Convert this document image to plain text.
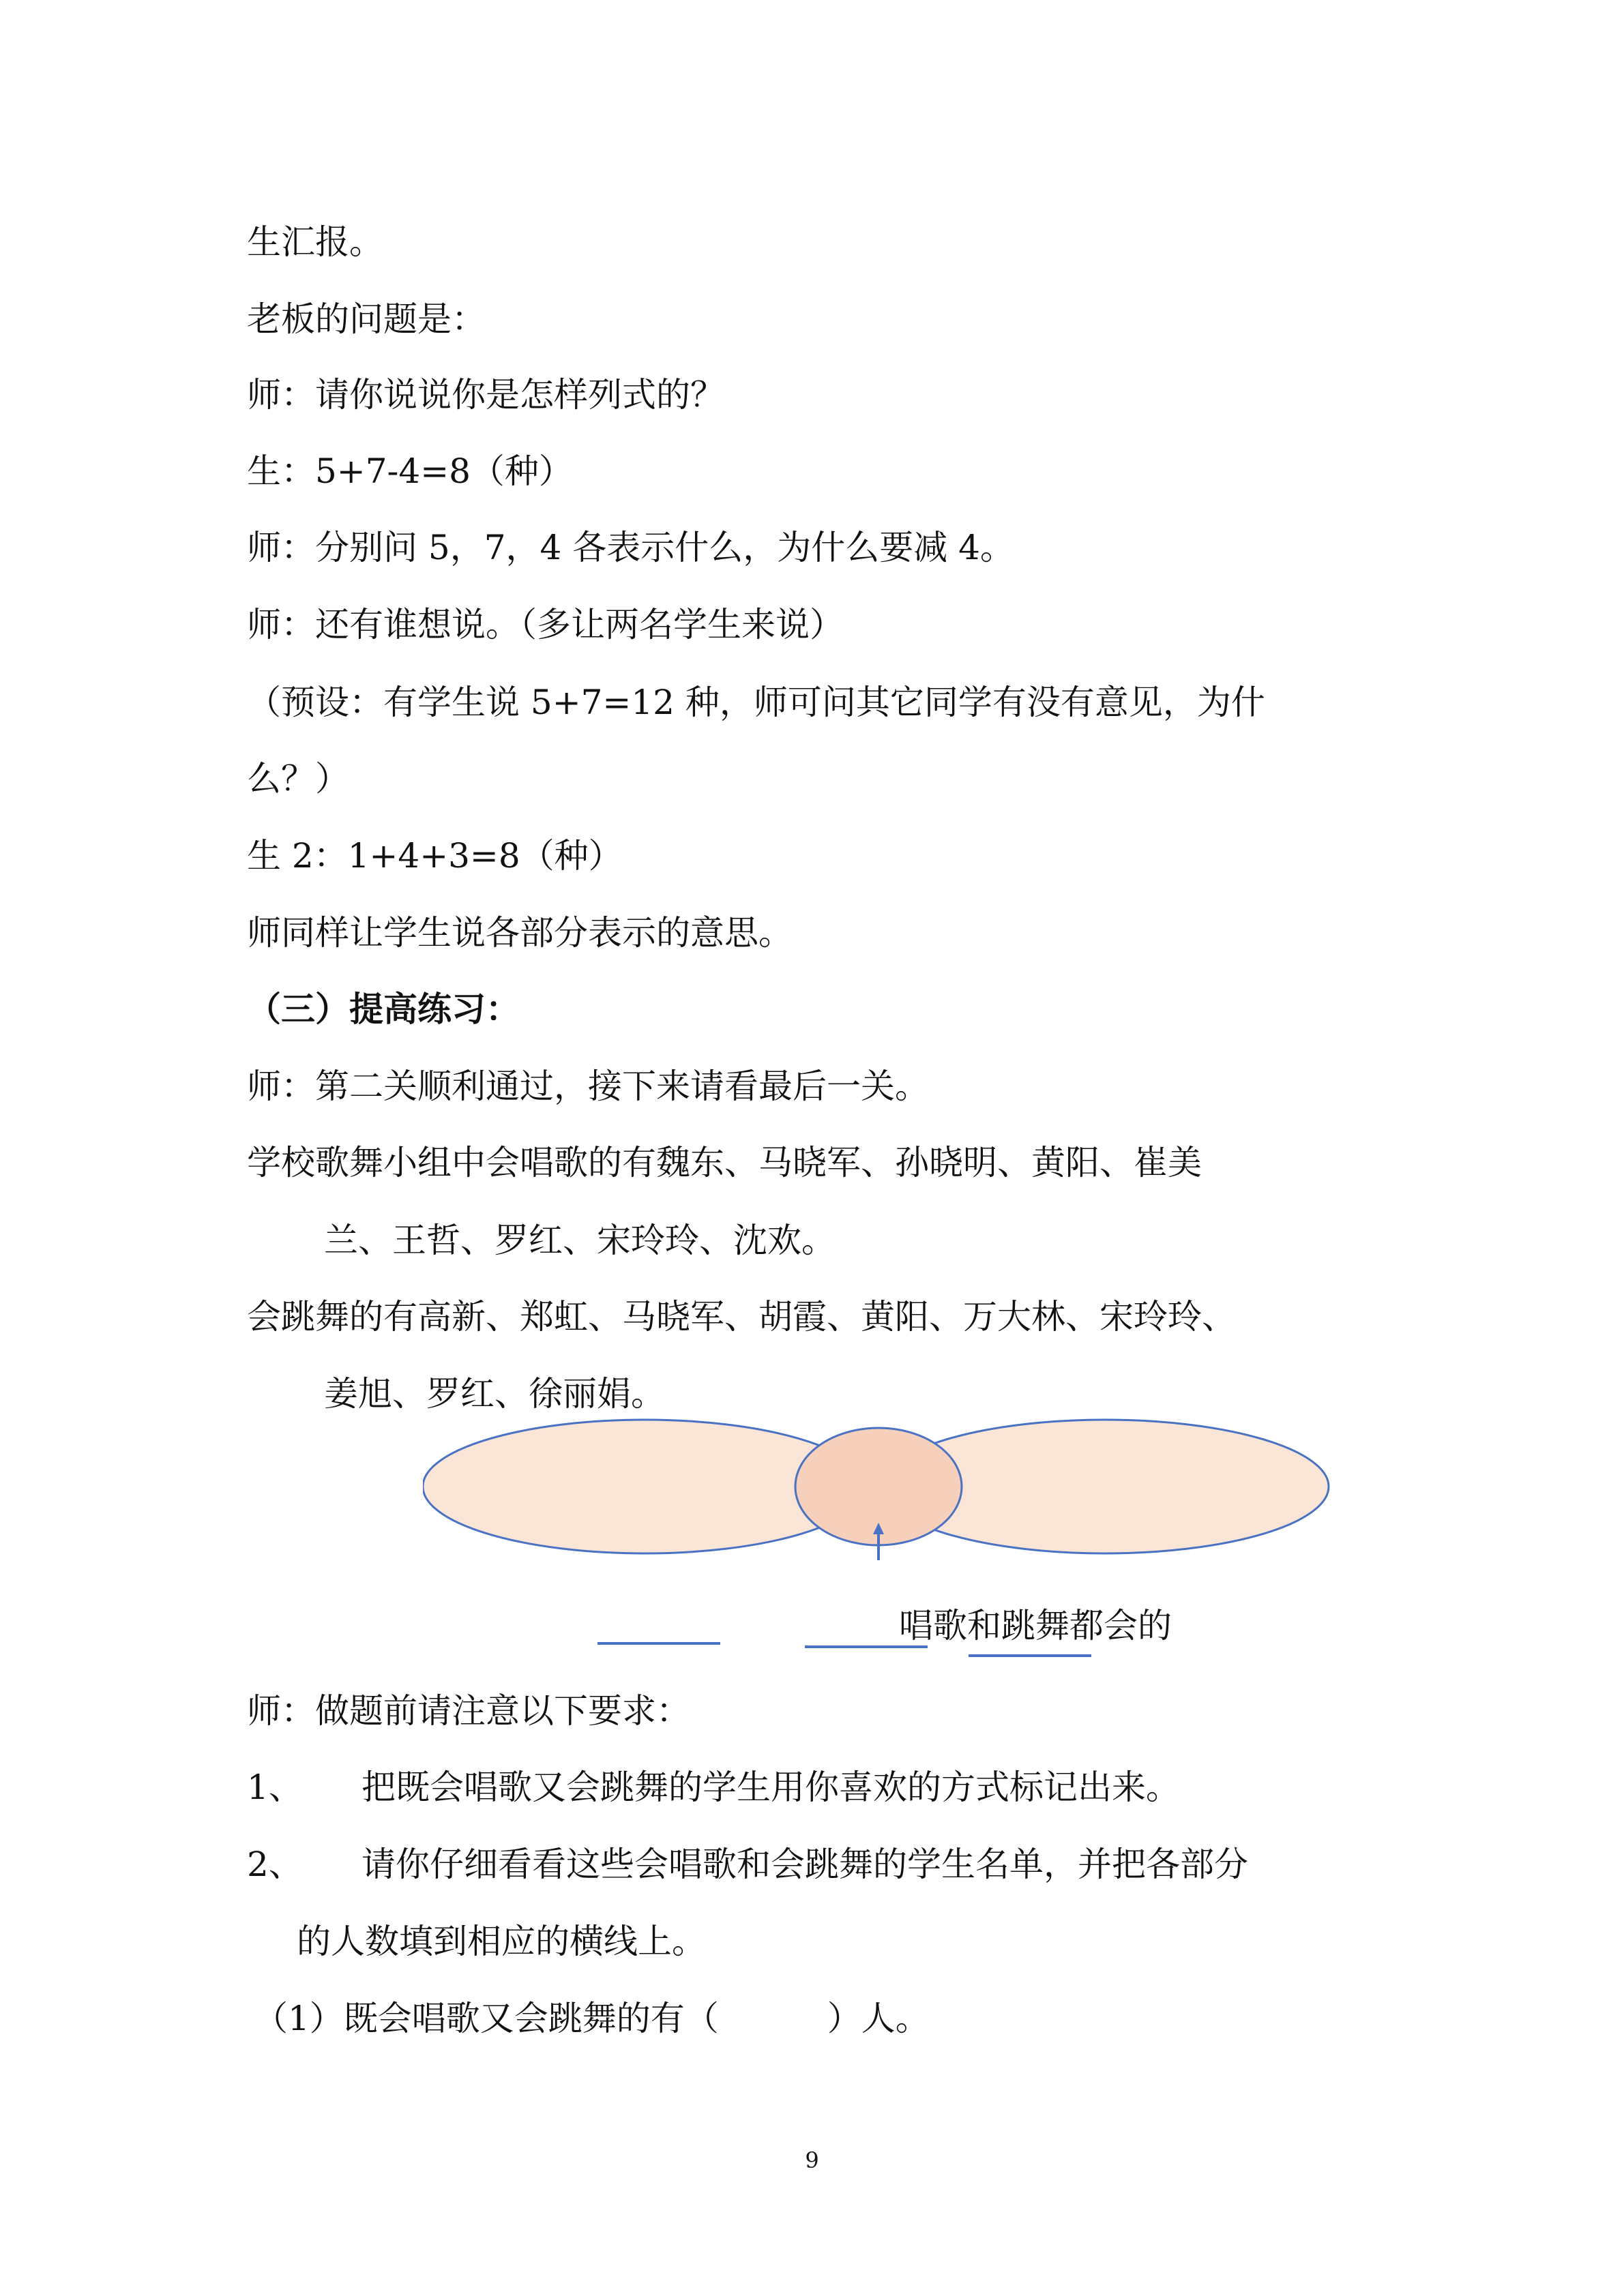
生汇报。
老板的问题是：
师：请你说说你是怎样列式的？
生：5+7-4=8（种）
师：分别问 5，7，4 各表示什么，为什么要减 4。
师：还有谁想说。（多让两名学生来说）
（预设：有学生说 5+7=12 种，师可问其它同学有没有意见，为什
么？）
生 2：1+4+3=8（种）
师同样让学生说各部分表示的意思。
（三）提高练习：
师：第二关顺利通过，接下来请看最后一关。
学校歌舞小组中会唱歌的有魏东、马晓军、孙晓明、黄阳、崔美
兰、王哲、罗红、宋玲玲、沈欢。
会跳舞的有高新、郑虹、马晓军、胡霞、黄阳、万大林、宋玲玲、
姜旭、罗红、徐丽娟。
唱歌和跳舞都会的
师：做题前请注意以下要求：
1、 把既会唱歌又会跳舞的学生用你喜欢的方式标记出来。
2、 请你仔细看看这些会唱歌和会跳舞的学生名单，并把各部分
的人数填到相应的横线上。
（1）既会唱歌又会跳舞的有（          ）人。
9
